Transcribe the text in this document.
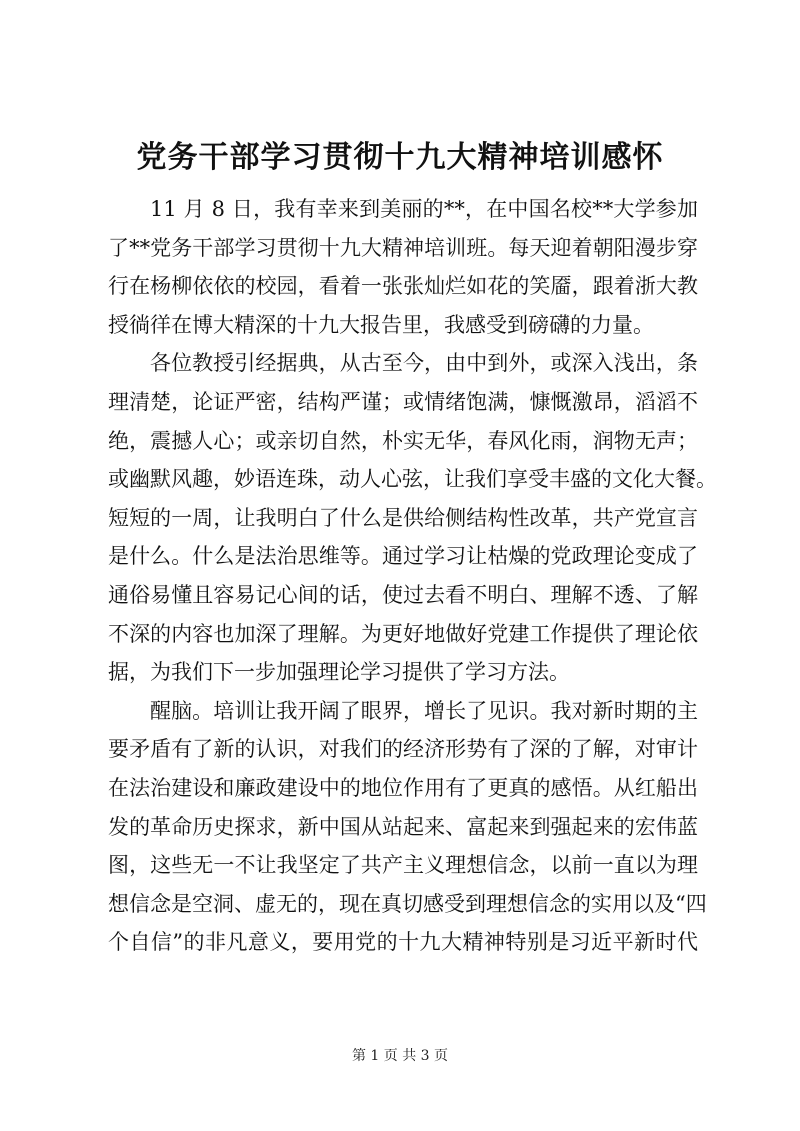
党务干部学习贯彻十九大精神培训感怀
11 月 8 日，我有幸来到美丽的**，在中国名校**大学参加
了**党务干部学习贯彻十九大精神培训班。每天迎着朝阳漫步穿
行在杨柳依依的校园，看着一张张灿烂如花的笑靥，跟着浙大教
授徜徉在博大精深的十九大报告里，我感受到磅礴的力量。
各位教授引经据典，从古至今，由中到外，或深入浅出，条
理清楚，论证严密，结构严谨；或情绪饱满，慷慨激昂，滔滔不
绝，震撼人心；或亲切自然，朴实无华，春风化雨，润物无声；
或幽默风趣，妙语连珠，动人心弦，让我们享受丰盛的文化大餐。
短短的一周，让我明白了什么是供给侧结构性改革，共产党宣言
是什么。什么是法治思维等。通过学习让枯燥的党政理论变成了
通俗易懂且容易记心间的话，使过去看不明白、理解不透、了解
不深的内容也加深了理解。为更好地做好党建工作提供了理论依
据，为我们下一步加强理论学习提供了学习方法。
醒脑。培训让我开阔了眼界，增长了见识。我对新时期的主
要矛盾有了新的认识，对我们的经济形势有了深的了解，对审计
在法治建设和廉政建设中的地位作用有了更真的感悟。从红船出
发的革命历史探求，新中国从站起来、富起来到强起来的宏伟蓝
图，这些无一不让我坚定了共产主义理想信念，以前一直以为理
想信念是空洞、虚无的，现在真切感受到理想信念的实用以及“四
个自信”的非凡意义，要用党的十九大精神特别是习近平新时代
第 1 页 共 3 页
